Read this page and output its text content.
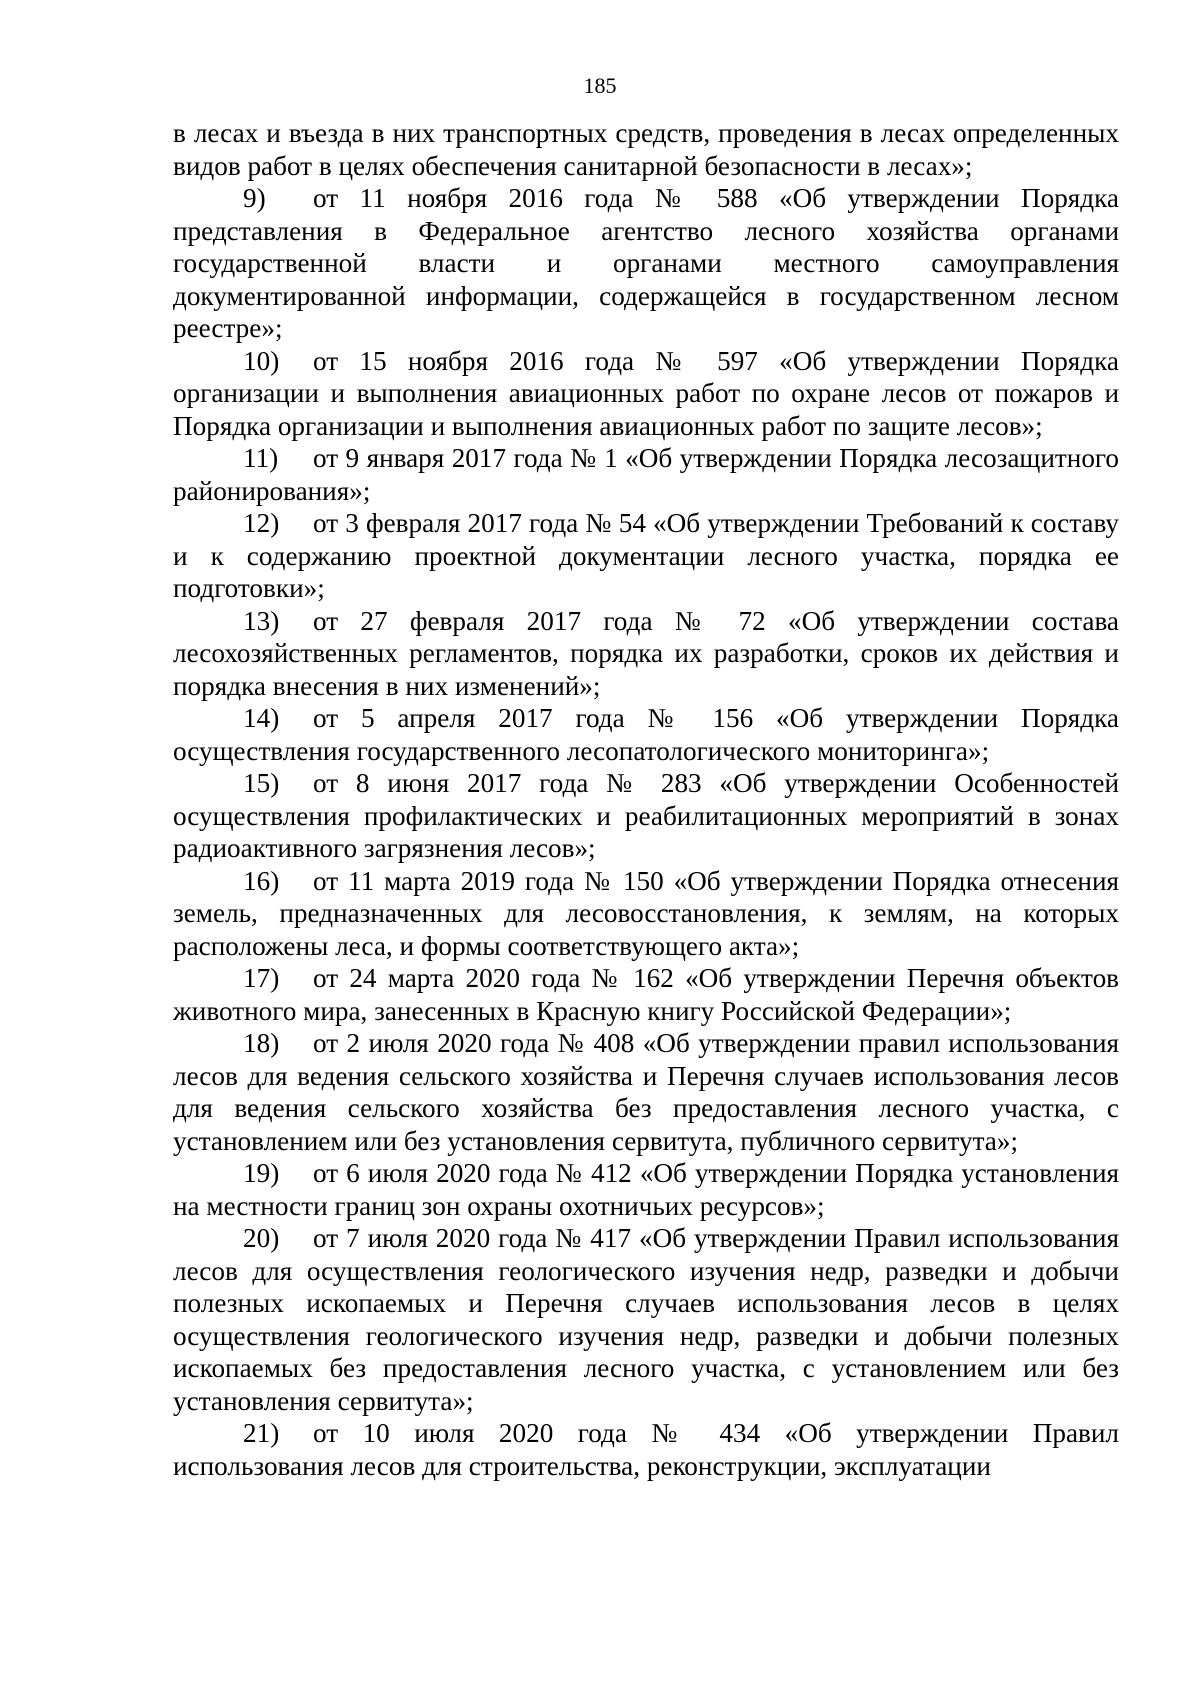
185

в лесах и въезда в них транспортных средств, проведения в лесах определенных видов работ в целях обеспечения санитарной безопасности в лесах»;

9) от 11 ноября 2016 года № 588 «Об утверждении Порядка представления в Федеральное агентство лесного хозяйства органами государственной власти и органами местного самоуправления документированной информации, содержащейся в государственном лесном реестре»;

10) от 15 ноября 2016 года № 597 «Об утверждении Порядка организации и выполнения авиационных работ по охране лесов от пожаров и Порядка организации и выполнения авиационных работ по защите лесов»;

11) от 9 января 2017 года № 1 «Об утверждении Порядка лесозащитного районирования»;

12) от 3 февраля 2017 года № 54 «Об утверждении Требований к составу и к содержанию проектной документации лесного участка, порядка ее подготовки»;

13) от 27 февраля 2017 года № 72 «Об утверждении состава лесохозяйственных регламентов, порядка их разработки, сроков их действия и порядка внесения в них изменений»;

14) от 5 апреля 2017 года № 156 «Об утверждении Порядка осуществления государственного лесопатологического мониторинга»;

15) от 8 июня 2017 года № 283 «Об утверждении Особенностей осуществления профилактических и реабилитационных мероприятий в зонах радиоактивного загрязнения лесов»;

16) от 11 марта 2019 года № 150 «Об утверждении Порядка отнесения земель, предназначенных для лесовосстановления, к землям, на которых расположены леса, и формы соответствующего акта»;

17) от 24 марта 2020 года № 162 «Об утверждении Перечня объектов животного мира, занесенных в Красную книгу Российской Федерации»;

18) от 2 июля 2020 года № 408 «Об утверждении правил использования лесов для ведения сельского хозяйства и Перечня случаев использования лесов для ведения сельского хозяйства без предоставления лесного участка, с установлением или без установления сервитута, публичного сервитута»;

19) от 6 июля 2020 года № 412 «Об утверждении Порядка установления на местности границ зон охраны охотничьих ресурсов»;

20) от 7 июля 2020 года № 417 «Об утверждении Правил использования лесов для осуществления геологического изучения недр, разведки и добычи полезных ископаемых и Перечня случаев использования лесов в целях осуществления геологического изучения недр, разведки и добычи полезных ископаемых без предоставления лесного участка, с установлением или без установления сервитута»;

21) от 10 июля 2020 года № 434 «Об утверждении Правил использования лесов для строительства, реконструкции, эксплуатации
